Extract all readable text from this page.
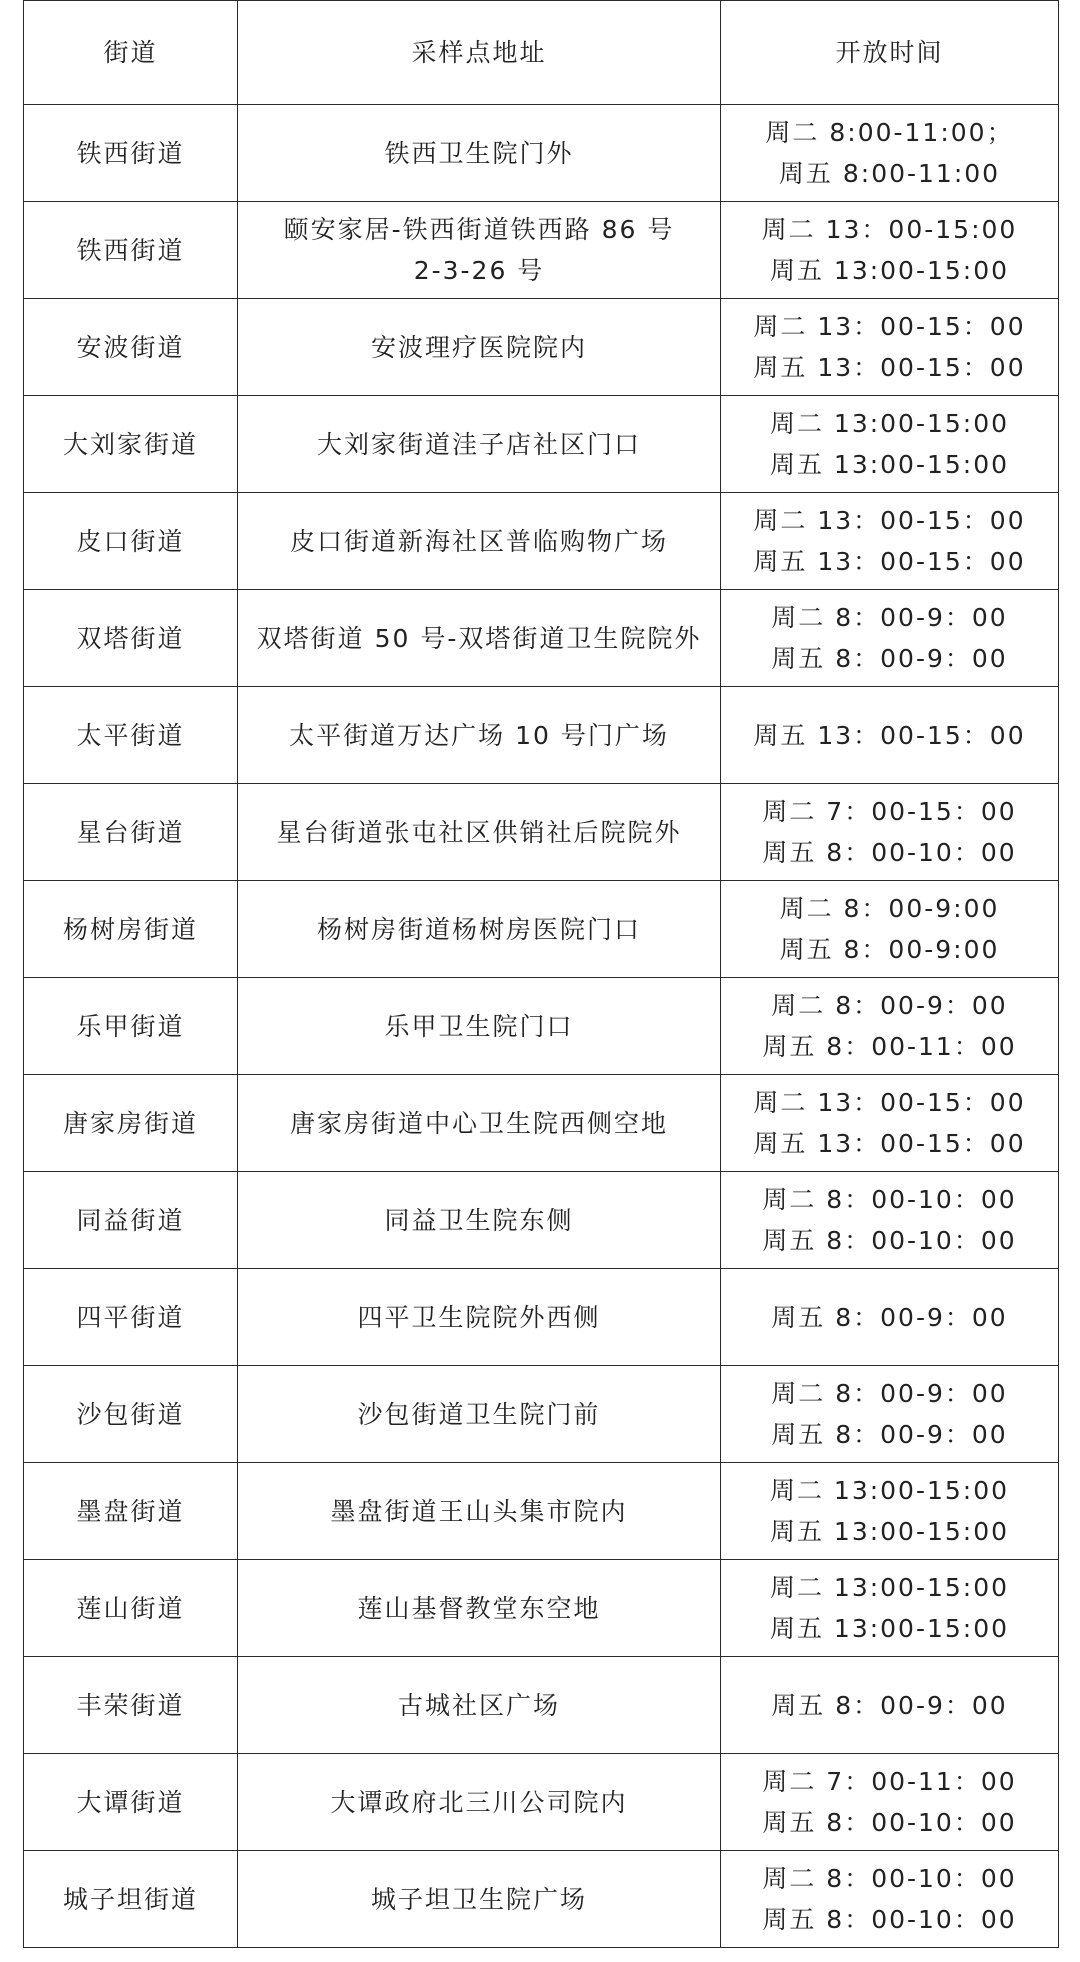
街道	采样点地址	开放时间
铁西街道	铁西卫生院门外	周二 8:00-11:00；
周五 8:00-11:00

铁西街道	颐安家居-铁西街道铁西路 86 号
2-3-26 号	周二 13：00-15:00
周五 13:00-15:00

安波街道	安波理疗医院院内	周二 13：00-15：00
周五 13：00-15：00

大刘家街道	大刘家街道洼子店社区门口	周二 13:00-15:00
周五 13:00-15:00

皮口街道	皮口街道新海社区普临购物广场	周二 13：00-15：00
周五 13：00-15：00

双塔街道	双塔街道 50 号-双塔街道卫生院院外	周二 8：00-9：00
周五 8：00-9：00

太平街道	太平街道万达广场 10 号门广场	周五 13：00-15：00

星台街道	星台街道张屯社区供销社后院院外	周二 7：00-15：00
周五 8：00-10：00

杨树房街道	杨树房街道杨树房医院门口	周二 8：00-9:00
周五 8：00-9:00

乐甲街道	乐甲卫生院门口	周二 8：00-9：00
周五 8：00-11：00

唐家房街道	唐家房街道中心卫生院西侧空地	周二 13：00-15：00
周五 13：00-15：00

同益街道	同益卫生院东侧	周二 8：00-10：00
周五 8：00-10：00

四平街道	四平卫生院院外西侧	周五 8：00-9：00

沙包街道	沙包街道卫生院门前	周二 8：00-9：00
周五 8：00-9：00

墨盘街道	墨盘街道王山头集市院内	周二 13:00-15:00
周五 13:00-15:00

莲山街道	莲山基督教堂东空地	周二 13:00-15:00
周五 13:00-15:00

丰荣街道	古城社区广场	周五 8：00-9：00

大谭街道	大谭政府北三川公司院内	周二 7：00-11：00
周五 8：00-10：00

城子坦街道	城子坦卫生院广场	周二 8：00-10：00
周五 8：00-10：00
